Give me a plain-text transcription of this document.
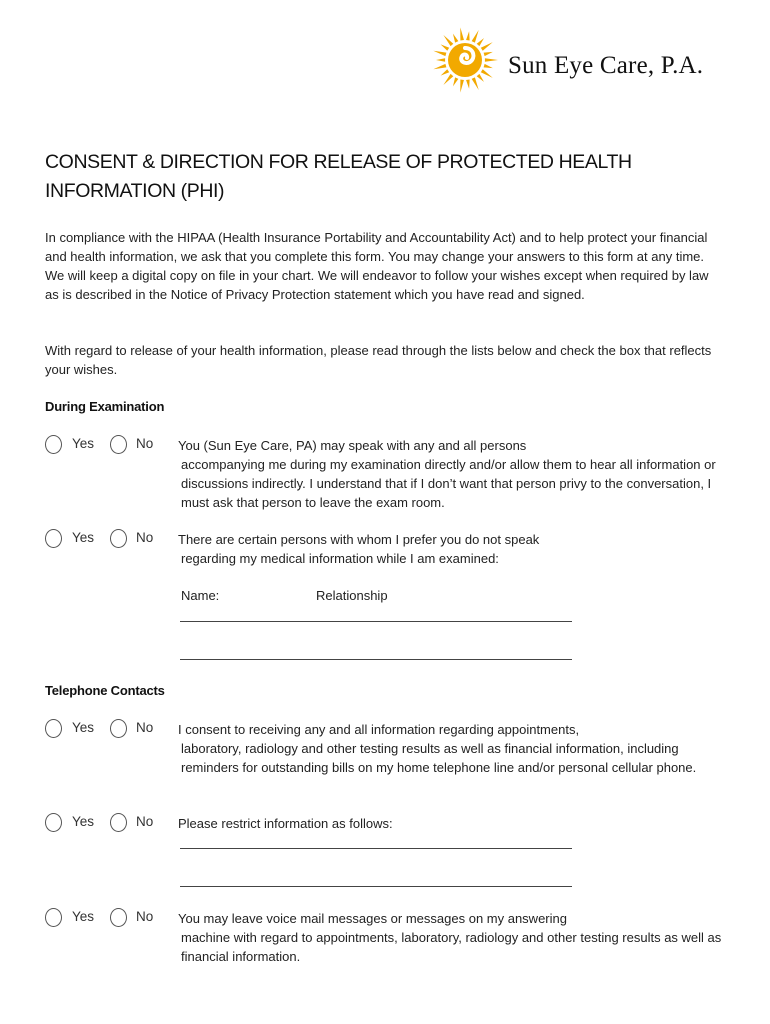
Sun Eye Care, P.A.
CONSENT & DIRECTION FOR RELEASE OF PROTECTED HEALTH INFORMATION (PHI)

In compliance with the HIPAA (Health Insurance Portability and Accountability Act) and to help protect your financial and health information, we ask that you complete this form. You may change your answers to this form at any time. We will keep a digital copy on file in your chart. We will endeavor to follow your wishes except when required by law as is described in the Notice of Privacy Protection statement which you have read and signed.

With regard to release of your health information, please read through the lists below and check the box that reflects your wishes.

During Examination
Yes	No You (Sun Eye Care, PA) may speak with any and all persons
accompanying me during my examination directly and/or allow them to hear all information or discussions indirectly. I understand that if I don’t want that person privy to the conversation, I must ask that person to leave the exam room.

Yes	No There are certain persons with whom I prefer you do not speak
regarding my medical information while I am examined:

Name:	Relationship
Telephone Contacts
Yes	No I consent to receiving any and all information regarding appointments,
laboratory, radiology and other testing results as well as financial information, including reminders for outstanding bills on my home telephone line and/or personal cellular phone.

Yes	No Please restrict information as follows:

Yes	No You may leave voice mail messages or messages on my answering
machine with regard to appointments, laboratory, radiology and other testing results as well as financial information.
